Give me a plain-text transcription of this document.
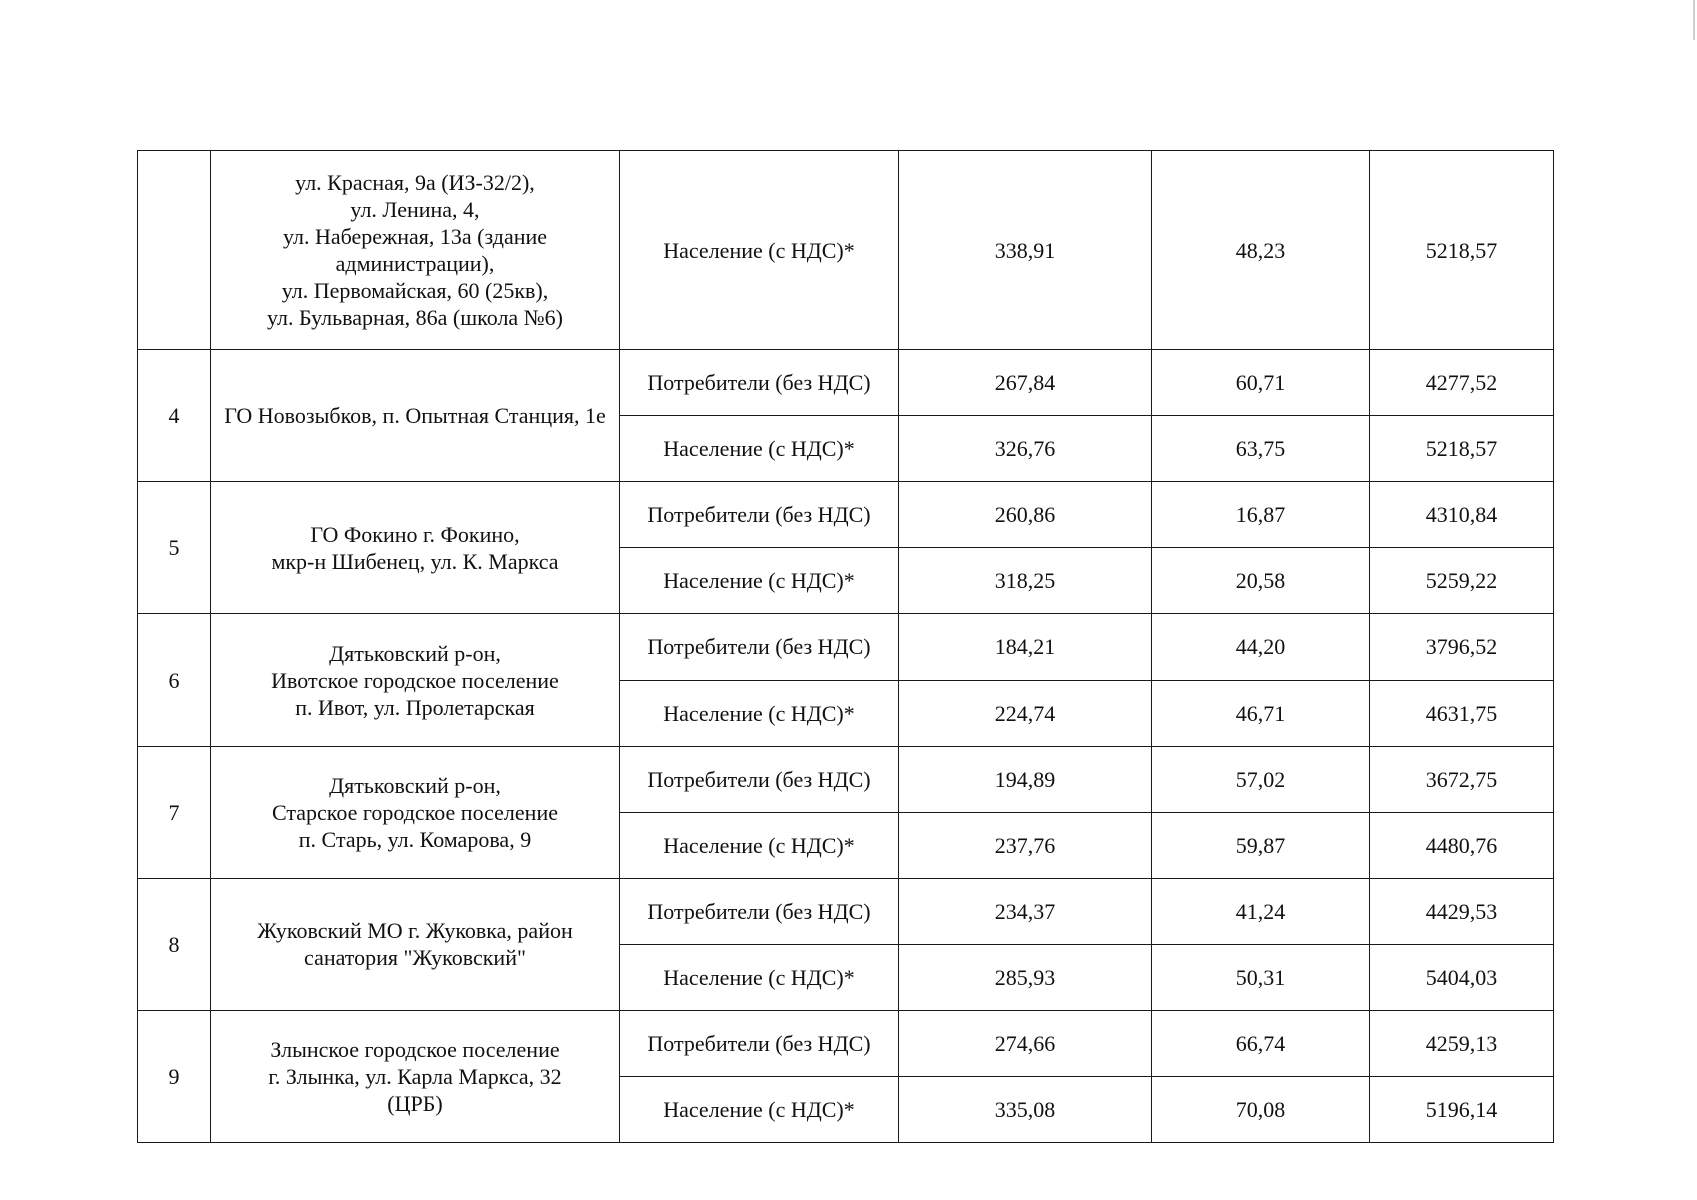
	ул. Красная, 9а (ИЗ-32/2),
ул. Ленина, 4,
ул. Набережная, 13а (здание администрации),
ул. Первомайская, 60 (25кв),
ул. Бульварная, 86а (школа №6)	Население (с НДС)*	338,91	48,23	5218,57
4	ГО Новозыбков, п. Опытная Станция, 1е	Потребители (без НДС)	267,84	60,71	4277,52
		Население (с НДС)*	326,76	63,75	5218,57
5	ГО Фокино г. Фокино,
мкр-н Шибенец, ул. К. Маркса	Потребители (без НДС)	260,86	16,87	4310,84
		Население (с НДС)*	318,25	20,58	5259,22
6	Дятьковский р-он,
Ивотское городское поселение
п. Ивот, ул. Пролетарская	Потребители (без НДС)	184,21	44,20	3796,52
		Население (с НДС)*	224,74	46,71	4631,75
7	Дятьковский р-он,
Старское городское поселение
п. Старь, ул. Комарова, 9	Потребители (без НДС)	194,89	57,02	3672,75
		Население (с НДС)*	237,76	59,87	4480,76
8	Жуковский МО г. Жуковка, район санатория "Жуковский"	Потребители (без НДС)	234,37	41,24	4429,53
		Население (с НДС)*	285,93	50,31	5404,03
9	Злынское городское поселение
г. Злынка, ул. Карла Маркса, 32
(ЦРБ)	Потребители (без НДС)	274,66	66,74	4259,13
		Население (с НДС)*	335,08	70,08	5196,14
